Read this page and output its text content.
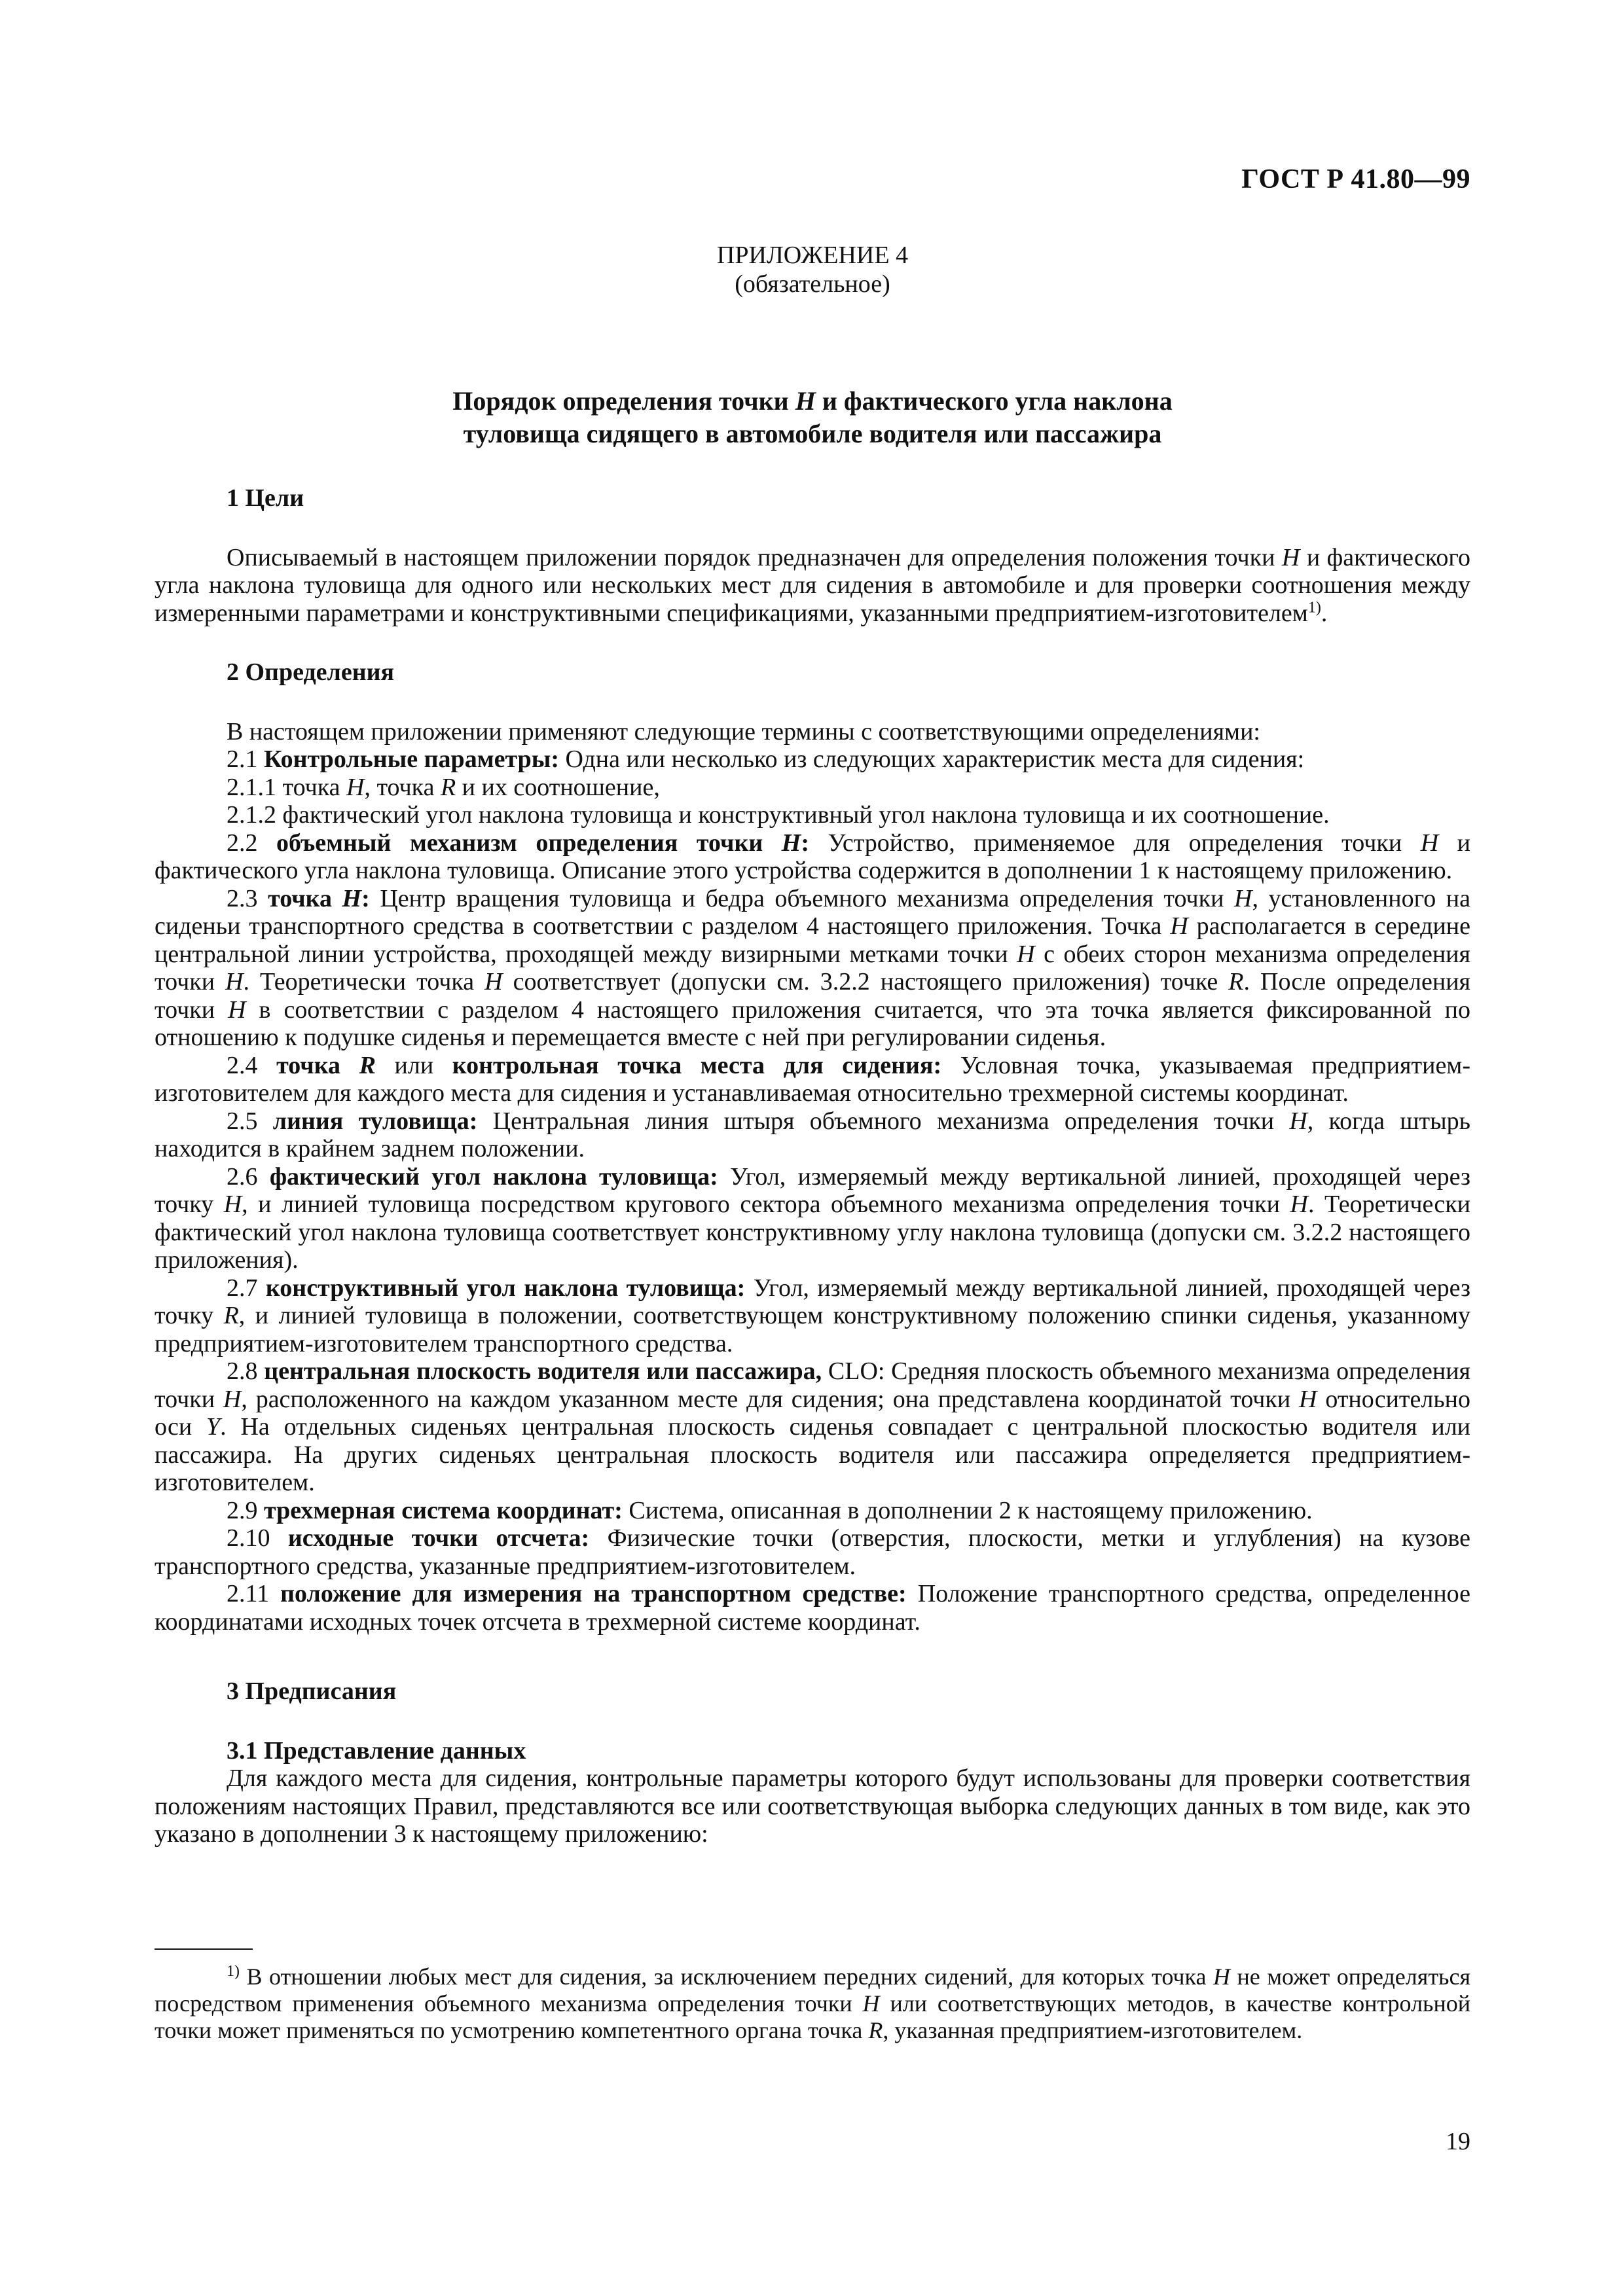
ГОСТ Р 41.80—99
ПРИЛОЖЕНИЕ 4
(обязательное)
Порядок определения точки H и фактического угла наклона
туловища сидящего в автомобиле водителя или пассажира
1 Цели

Описываемый в настоящем приложении порядок предназначен для определения положения точки H и фактического угла наклона туловища для одного или нескольких мест для сидения в автомобиле и для проверки соотношения между измеренными параметрами и конструктивными спецификациями, указанными предприятием-изготовителем$^{1)}$.

2 Определения

В настоящем приложении применяют следующие термины с соответствующими определениями:

2.1 Контрольные параметры: Одна или несколько из следующих характеристик места для сидения:

2.1.1 точка H, точка R и их соотношение,

2.1.2 фактический угол наклона туловища и конструктивный угол наклона туловища и их соотношение.

2.2 объемный механизм определения точки H: Устройство, применяемое для определения точки H и фактического угла наклона туловища. Описание этого устройства содержится в дополнении 1 к настоящему приложению.

2.3 точка H: Центр вращения туловища и бедра объемного механизма определения точки H, установленного на сиденьи транспортного средства в соответствии с разделом 4 настоящего приложения. Точка H располагается в середине центральной линии устройства, проходящей между визирными метками точки H с обеих сторон механизма определения точки H. Теоретически точка H соответствует (допуски см. 3.2.2 настоящего приложения) точке R. После определения точки H в соответствии с разделом 4 настоящего приложения считается, что эта точка является фиксированной по отношению к подушке сиденья и перемещается вместе с ней при регулировании сиденья.

2.4 точка R или контрольная точка места для сидения: Условная точка, указываемая предприятием-изготовителем для каждого места для сидения и устанавливаемая относительно трехмерной системы координат.

2.5 линия туловища: Центральная линия штыря объемного механизма определения точки H, когда штырь находится в крайнем заднем положении.

2.6 фактический угол наклона туловища: Угол, измеряемый между вертикальной линией, проходящей через точку H, и линией туловища посредством кругового сектора объемного механизма определения точки H. Теоретически фактический угол наклона туловища соответствует конструктивному углу наклона туловища (допуски см. 3.2.2 настоящего приложения).

2.7 конструктивный угол наклона туловища: Угол, измеряемый между вертикальной линией, проходящей через точку R, и линией туловища в положении, соответствующем конструктивному положению спинки сиденья, указанному предприятием-изготовителем транспортного средства.

2.8 центральная плоскость водителя или пассажира, CLO: Средняя плоскость объемного механизма определения точки H, расположенного на каждом указанном месте для сидения; она представлена координатой точки H относительно оси Y. На отдельных сиденьях центральная плоскость сиденья совпадает с центральной плоскостью водителя или пассажира. На других сиденьях центральная плоскость водителя или пассажира определяется предприятием-изготовителем.

2.9 трехмерная система координат: Система, описанная в дополнении 2 к настоящему приложению.

2.10 исходные точки отсчета: Физические точки (отверстия, плоскости, метки и углубления) на кузове транспортного средства, указанные предприятием-изготовителем.

2.11 положение для измерения на транспортном средстве: Положение транспортного средства, определенное координатами исходных точек отсчета в трехмерной системе координат.

3 Предписания
3.1 Представление данных

Для каждого места для сидения, контрольные параметры которого будут использованы для проверки соответствия положениям настоящих Правил, представляются все или соответствующая выборка следующих данных в том виде, как это указано в дополнении 3 к настоящему приложению:

$^{1)}$ В отношении любых мест для сидения, за исключением передних сидений, для которых точка H не может определяться посредством применения объемного механизма определения точки H или соответствующих методов, в качестве контрольной точки может применяться по усмотрению компетентного органа точка R, указанная предприятием-изготовителем.

19
